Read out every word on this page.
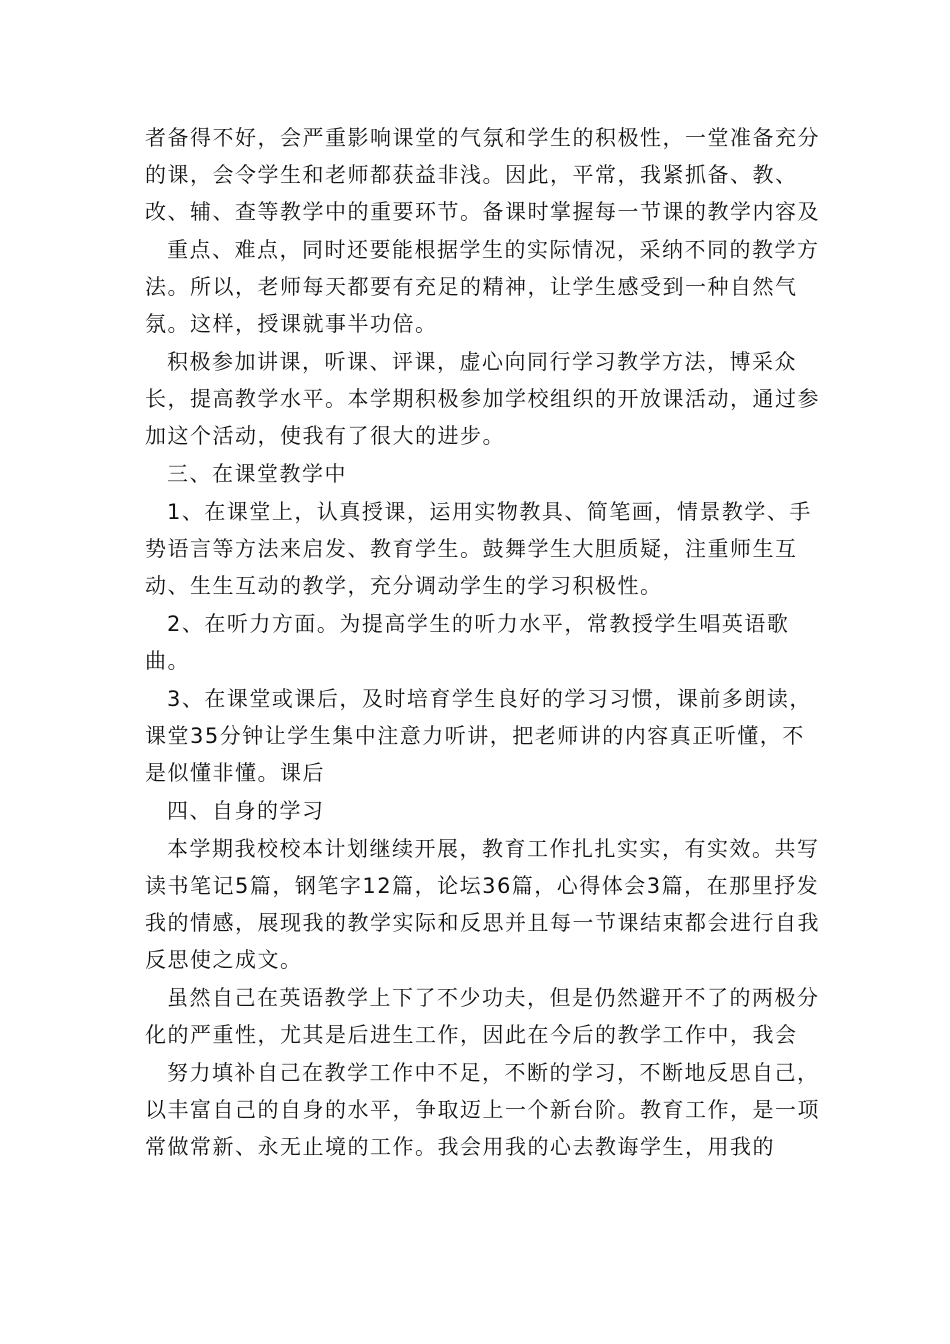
者备得不好，会严重影响课堂的气氛和学生的积极性，一堂准备充分的课，会令学生和老师都获益非浅。因此，平常，我紧抓备、教、改、辅、查等教学中的重要环节。备课时掌握每一节课的教学内容及

重点、难点，同时还要能根据学生的实际情况，采纳不同的教学方法。所以，老师每天都要有充足的精神，让学生感受到一种自然气氛。这样，授课就事半功倍。

积极参加讲课，听课、评课，虚心向同行学习教学方法，博采众长，提高教学水平。本学期积极参加学校组织的开放课活动，通过参加这个活动，使我有了很大的进步。

三、在课堂教学中

1、在课堂上，认真授课，运用实物教具、简笔画，情景教学、手势语言等方法来启发、教育学生。鼓舞学生大胆质疑，注重师生互动、生生互动的教学，充分调动学生的学习积极性。

2、在听力方面。为提高学生的听力水平，常教授学生唱英语歌曲。

3、在课堂或课后，及时培育学生良好的学习习惯，课前多朗读，课堂35分钟让学生集中注意力听讲，把老师讲的内容真正听懂，不是似懂非懂。课后

四、自身的学习

本学期我校校本计划继续开展，教育工作扎扎实实，有实效。共写读书笔记5篇，钢笔字12篇，论坛36篇，心得体会3篇，在那里抒发我的情感，展现我的教学实际和反思并且每一节课结束都会进行自我反思使之成文。

虽然自己在英语教学上下了不少功夫，但是仍然避开不了的两极分化的严重性，尤其是后进生工作，因此在今后的教学工作中，我会

努力填补自己在教学工作中不足，不断的学习，不断地反思自己，以丰富自己的自身的水平，争取迈上一个新台阶。教育工作，是一项常做常新、永无止境的工作。我会用我的心去教诲学生，用我的
